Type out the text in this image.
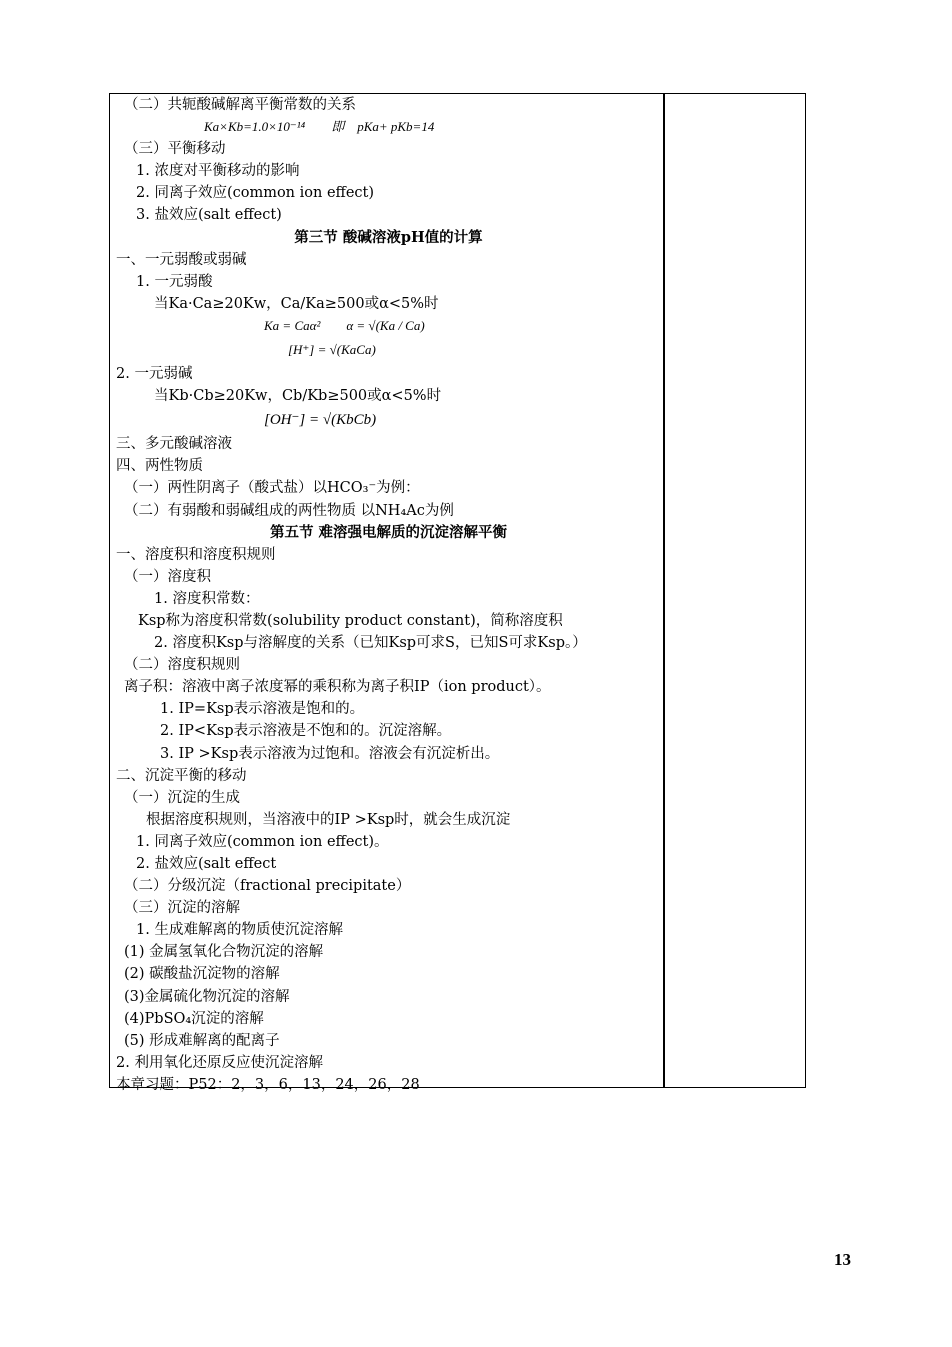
（二）共轭酸碱解离平衡常数的关系
Ka×Kb=1.0×10⁻¹⁴　　即　pKa+ pKb=14
（三）平衡移动
1. 浓度对平衡移动的影响
2. 同离子效应(common ion effect)
3. 盐效应(salt effect)
第三节 酸碱溶液pH值的计算
一、一元弱酸或弱碱
1. 一元弱酸
当Ka·Ca≥20Kw，Ca/Ka≥500或α<5%时
Ka = Caα²　　α = √(Ka / Ca)
[H⁺] = √(KaCa)
2. 一元弱碱
当Kb·Cb≥20Kw，Cb/Kb≥500或α<5%时
[OH⁻] = √(KbCb)
三、多元酸碱溶液
四、两性物质
（一）两性阴离子（酸式盐）以HCO₃⁻为例：
（二）有弱酸和弱碱组成的两性物质 以NH₄Ac为例
第五节 难溶强电解质的沉淀溶解平衡
一、溶度积和溶度积规则
（一）溶度积
1. 溶度积常数：
Ksp称为溶度积常数(solubility product constant)，简称溶度积
2. 溶度积Ksp与溶解度的关系（已知Ksp可求S，已知S可求Ksp。）
（二）溶度积规则
离子积：溶液中离子浓度幂的乘积称为离子积IP（ion product）。
1. IP=Ksp表示溶液是饱和的。
2. IP<Ksp表示溶液是不饱和的。沉淀溶解。
3. IP >Ksp表示溶液为过饱和。溶液会有沉淀析出。
二、沉淀平衡的移动
（一）沉淀的生成
根据溶度积规则，当溶液中的IP >Ksp时，就会生成沉淀
1. 同离子效应(common ion effect)。
2. 盐效应(salt effect
（二）分级沉淀（fractional precipitate）
（三）沉淀的溶解
1. 生成难解离的物质使沉淀溶解
(1) 金属氢氧化合物沉淀的溶解
(2) 碳酸盐沉淀物的溶解
(3)金属硫化物沉淀的溶解
(4)PbSO₄沉淀的溶解
(5) 形成难解离的配离子
2. 利用氧化还原反应使沉淀溶解
本章习题：P52：2，3，6，13，24，26，28
13
